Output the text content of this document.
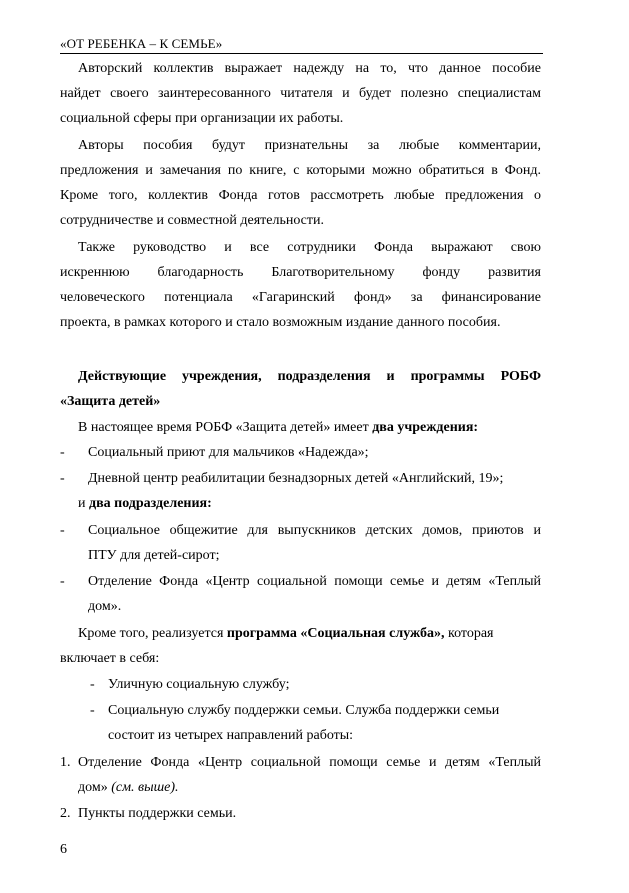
«ОТ РЕБЕНКА – К СЕМЬЕ»
Авторский коллектив выражает надежду на то, что данное пособие
найдет своего заинтересованного читателя и будет полезно специалистам
социальной сферы при организации их работы.
Авторы пособия будут признательны за любые комментарии,
предложения и замечания по книге, с которыми можно обратиться в Фонд.
Кроме того, коллектив Фонда готов рассмотреть любые предложения о
сотрудничестве и совместной деятельности.
Также руководство и все сотрудники Фонда выражают свою
искреннюю благодарность Благотворительному фонду развития
человеческого потенциала «Гагаринский фонд» за финансирование
проекта, в рамках которого и стало возможным издание данного пособия.
Действующие учреждения, подразделения и программы РОБФ
«Защита детей»
В настоящее время РОБФ «Защита детей» имеет два учреждения:
- Социальный приют для мальчиков «Надежда»;
- Дневной центр реабилитации безнадзорных детей «Английский, 19»;
и два подразделения:
- Социальное общежитие для выпускников детских домов, приютов и
ПТУ для детей-сирот;
- Отделение Фонда «Центр социальной помощи семье и детям «Теплый
дом».
Кроме того, реализуется программа «Социальная служба», которая
включает в себя:
- Уличную социальную службу;
- Социальную службу поддержки семьи. Служба поддержки семьи
состоит из четырех направлений работы:
1. Отделение Фонда «Центр социальной помощи семье и детям «Теплый
дом» (см. выше).
2. Пункты поддержки семьи.
6
